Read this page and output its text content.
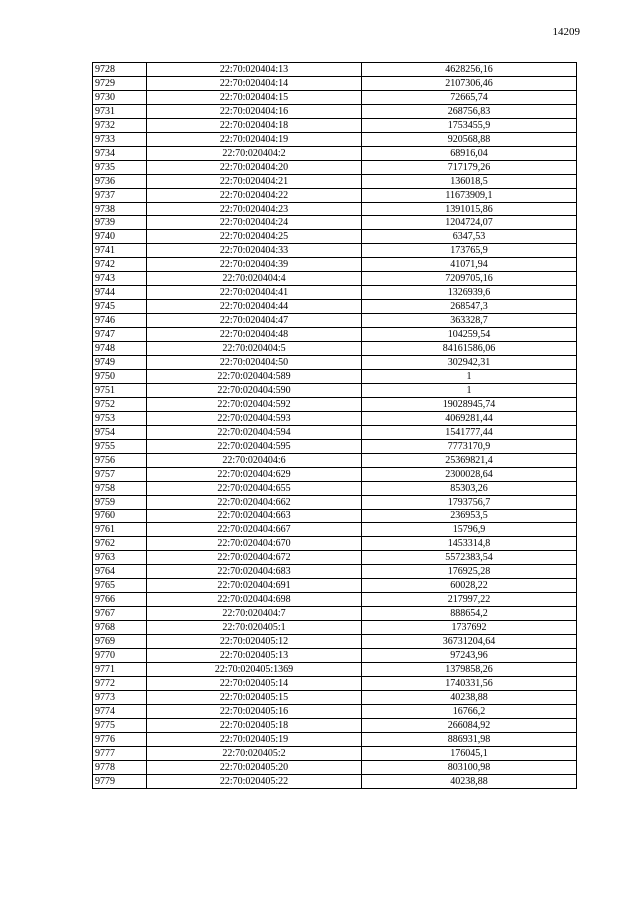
14209
9728	22:70:020404:13	4628256,16
9729	22:70:020404:14	2107306,46
9730	22:70:020404:15	72665,74
9731	22:70:020404:16	268756,83
9732	22:70:020404:18	1753455,9
9733	22:70:020404:19	920568,88
9734	22:70:020404:2	68916,04
9735	22:70:020404:20	717179,26
9736	22:70:020404:21	136018,5
9737	22:70:020404:22	11673909,1
9738	22:70:020404:23	1391015,86
9739	22:70:020404:24	1204724,07
9740	22:70:020404:25	6347,53
9741	22:70:020404:33	173765,9
9742	22:70:020404:39	41071,94
9743	22:70:020404:4	7209705,16
9744	22:70:020404:41	1326939,6
9745	22:70:020404:44	268547,3
9746	22:70:020404:47	363328,7
9747	22:70:020404:48	104259,54
9748	22:70:020404:5	84161586,06
9749	22:70:020404:50	302942,31
9750	22:70:020404:589	1
9751	22:70:020404:590	1
9752	22:70:020404:592	19028945,74
9753	22:70:020404:593	4069281,44
9754	22:70:020404:594	1541777,44
9755	22:70:020404:595	7773170,9
9756	22:70:020404:6	25369821,4
9757	22:70:020404:629	2300028,64
9758	22:70:020404:655	85303,26
9759	22:70:020404:662	1793756,7
9760	22:70:020404:663	236953,5
9761	22:70:020404:667	15796,9
9762	22:70:020404:670	1453314,8
9763	22:70:020404:672	5572383,54
9764	22:70:020404:683	176925,28
9765	22:70:020404:691	60028,22
9766	22:70:020404:698	217997,22
9767	22:70:020404:7	888654,2
9768	22:70:020405:1	1737692
9769	22:70:020405:12	36731204,64
9770	22:70:020405:13	97243,96
9771	22:70:020405:1369	1379858,26
9772	22:70:020405:14	1740331,56
9773	22:70:020405:15	40238,88
9774	22:70:020405:16	16766,2
9775	22:70:020405:18	266084,92
9776	22:70:020405:19	886931,98
9777	22:70:020405:2	176045,1
9778	22:70:020405:20	803100,98
9779	22:70:020405:22	40238,88
